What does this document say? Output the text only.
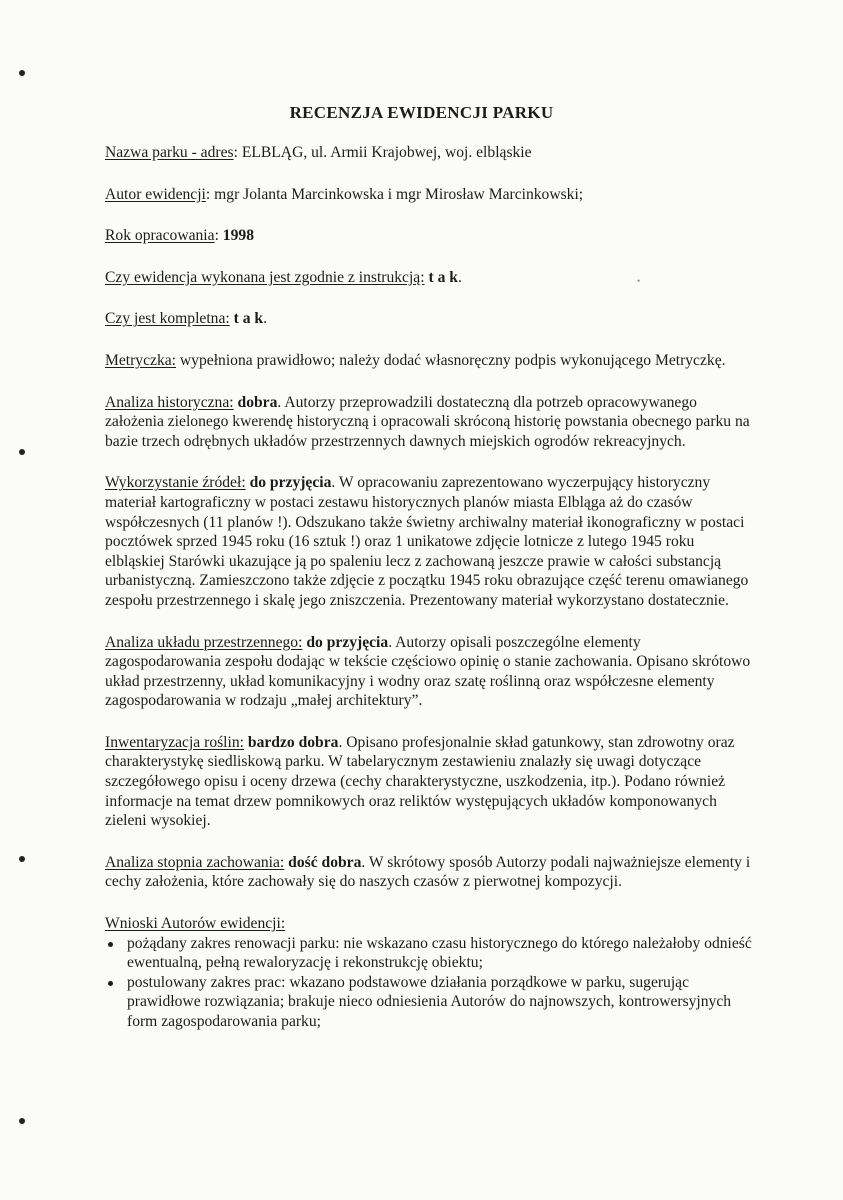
•
RECENZJA EWIDENCJI PARKU

Nazwa parku - adres: ELBLĄG, ul. Armii Krajobwej, woj. elbląskie

Autor ewidencji: mgr Jolanta Marcinkowska i mgr Mirosław Marcinkowski;

Rok opracowania: 1998

Czy ewidencja wykonana jest zgodnie z instrukcją: t a k.

Czy jest kompletna: t a k.

Metryczka: wypełniona prawidłowo; należy dodać własnoręczny podpis wykonującego Metryczkę.

Analiza historyczna: dobra. Autorzy przeprowadzili dostateczną dla potrzeb opracowywanego założenia zielonego kwerendę historyczną i opracowali skróconą historię powstania obecnego parku na bazie trzech odrębnych układów przestrzennych dawnych miejskich ogrodów rekreacyjnych.

Wykorzystanie źródeł: do przyjęcia. W opracowaniu zaprezentowano wyczerpujący historyczny materiał kartograficzny w postaci zestawu historycznych planów miasta Elbląga aż do czasów współczesnych (11 planów !). Odszukano także świetny archiwalny materiał ikonograficzny w postaci pocztówek sprzed 1945 roku (16 sztuk !) oraz 1 unikatowe zdjęcie lotnicze z lutego 1945 roku elbląskiej Starówki ukazujące ją po spaleniu lecz z zachowaną jeszcze prawie w całości substancją urbanistyczną. Zamieszczono także zdjęcie z początku 1945 roku obrazujące część terenu omawianego zespołu przestrzennego i skalę jego zniszczenia. Prezentowany materiał wykorzystano dostatecznie.

Analiza układu przestrzennego: do przyjęcia. Autorzy opisali poszczególne elementy zagospodarowania zespołu dodając w tekście częściowo opinię o stanie zachowania. Opisano skrótowo układ przestrzenny, układ komunikacyjny i wodny oraz szatę roślinną oraz współczesne elementy zagospodarowania w rodzaju „małej architektury”.

Inwentaryzacja roślin: bardzo dobra. Opisano profesjonalnie skład gatunkowy, stan zdrowotny oraz charakterystykę siedliskową parku. W tabelarycznym zestawieniu znalazły się uwagi dotyczące szczegółowego opisu i oceny drzewa (cechy charakterystyczne, uszkodzenia, itp.). Podano również informacje na temat drzew pomnikowych oraz reliktów występujących układów komponowanych zieleni wysokiej.

Analiza stopnia zachowania: dość dobra. W skrótowy sposób Autorzy podali najważniejsze elementy i cechy założenia, które zachowały się do naszych czasów z pierwotnej kompozycji.

Wnioski Autorów ewidencji:
pożądany zakres renowacji parku: nie wskazano czasu historycznego do którego należałoby odnieść ewentualną, pełną rewaloryzację i rekonstrukcję obiektu;
postulowany zakres prac: wkazano podstawowe działania porządkowe w parku, sugerując prawidłowe rozwiązania; brakuje nieco odniesienia Autorów do najnowszych, kontrowersyjnych form zagospodarowania parku;
